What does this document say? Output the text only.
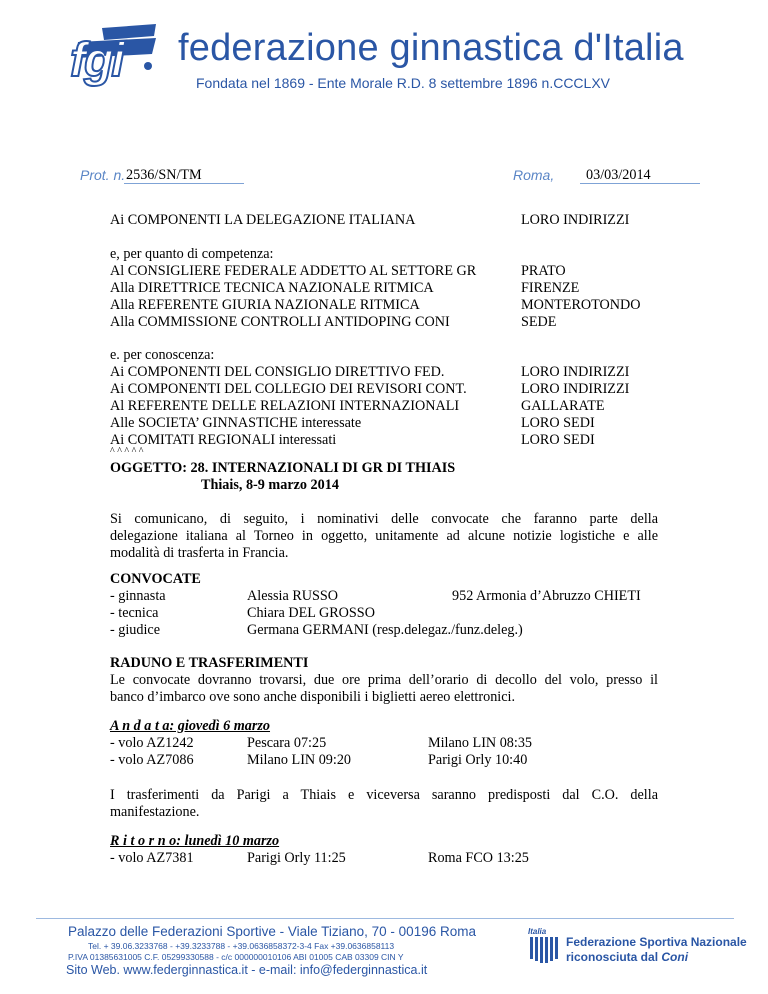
fgi federazione ginnastica d'Italia
Fondata nel 1869 - Ente Morale R.D. 8 settembre 1896 n.CCCLXV
Prot. n. 2536/SN/TM	Roma, 03/03/2014
Ai COMPONENTI LA DELEGAZIONE ITALIANA	LORO INDIRIZZI
e, per quanto di competenza:
Al CONSIGLIERE FEDERALE ADDETTO AL SETTORE GR	PRATO
Alla DIRETTRICE TECNICA NAZIONALE RITMICA	FIRENZE
Alla REFERENTE GIURIA NAZIONALE RITMICA	MONTEROTONDO
Alla COMMISSIONE CONTROLLI ANTIDOPING CONI	SEDE
e. per conoscenza:
Ai COMPONENTI DEL CONSIGLIO DIRETTIVO FED.	LORO INDIRIZZI
Ai COMPONENTI DEL COLLEGIO DEI REVISORI CONT.	LORO INDIRIZZI
Al REFERENTE DELLE RELAZIONI INTERNAZIONALI	GALLARATE
Alle SOCIETA’ GINNASTICHE interessate	LORO SEDI
Ai COMITATI REGIONALI interessati	LORO SEDI
^ ^ ^ ^ ^
OGGETTO: 28. INTERNAZIONALI DI GR DI THIAIS
Thiais, 8-9 marzo 2014
Si comunicano, di seguito, i nominativi delle convocate che faranno parte della
delegazione italiana al Torneo in oggetto, unitamente ad alcune notizie logistiche e alle
modalità di trasferta in Francia.
CONVOCATE
- ginnasta	Alessia RUSSO	952 Armonia d’Abruzzo CHIETI
- tecnica	Chiara DEL GROSSO
- giudice	Germana GERMANI (resp.delegaz./funz.deleg.)
RADUNO E TRASFERIMENTI
Le convocate dovranno trovarsi, due ore prima dell’orario di decollo del volo, presso il
banco d’imbarco ove sono anche disponibili i biglietti aereo elettronici.
A n d a t a: giovedì 6 marzo
- volo AZ1242	Pescara 07:25	Milano LIN 08:35
- volo AZ7086	Milano LIN 09:20	Parigi Orly 10:40
I trasferimenti da Parigi a Thiais e viceversa saranno predisposti dal C.O. della
manifestazione.
R i t o r n o: lunedì 10 marzo
- volo AZ7381	Parigi Orly 11:25	Roma FCO 13:25
Palazzo delle Federazioni Sportive - Viale Tiziano, 70 - 00196 Roma
Tel. + 39.06.3233768 - +39.3233788 - +39.0636858372-3-4 Fax +39.0636858113
P.IVA 01385631005 C.F. 05299330588 - c/c 000000010106 ABI 01005 CAB 03309 CIN Y
Sito Web. www.federginnastica.it - e-mail: info@federginnastica.it
Italia
Federazione Sportiva Nazionale
riconosciuta dal Coni
